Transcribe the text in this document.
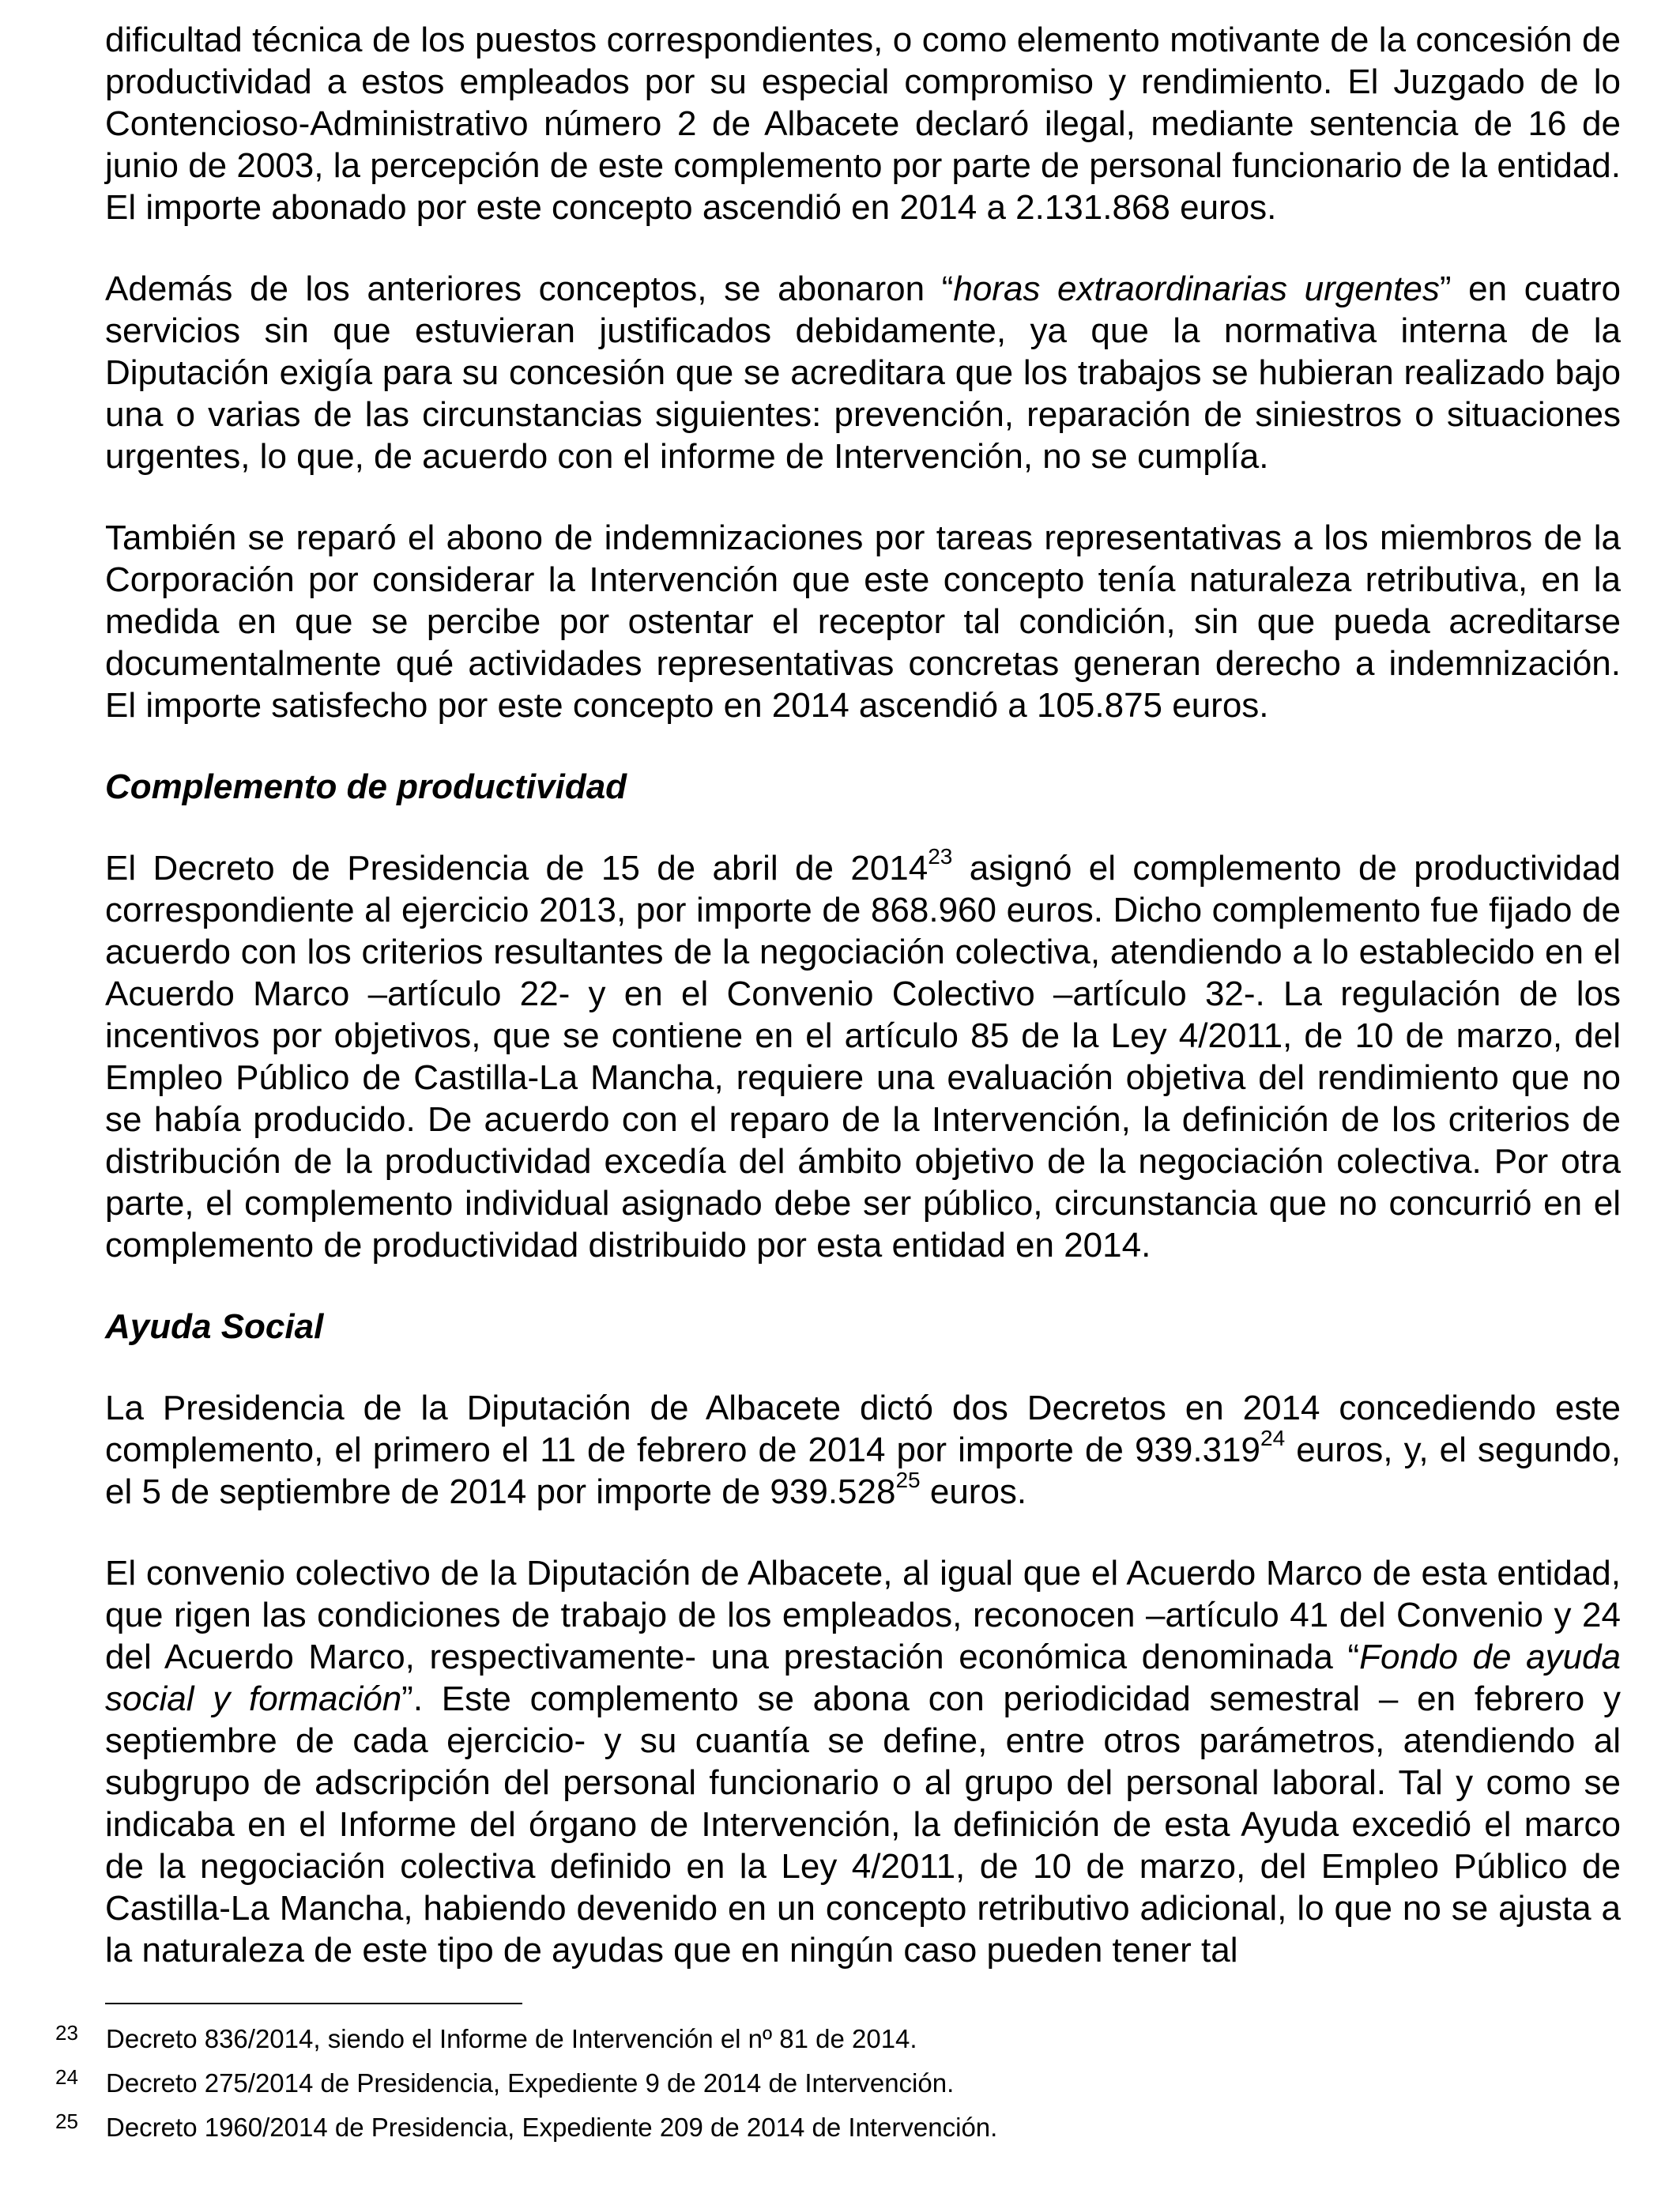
dificultad técnica de los puestos correspondientes, o como elemento motivante de la concesión de productividad a estos empleados por su especial compromiso y rendimiento. El Juzgado de lo Contencioso-Administrativo número 2 de Albacete declaró ilegal, mediante sentencia de 16 de junio de 2003, la percepción de este complemento por parte de personal funcionario de la entidad. El importe abonado por este concepto ascendió en 2014 a 2.131.868 euros.

Además de los anteriores conceptos, se abonaron “horas extraordinarias urgentes” en cuatro servicios sin que estuvieran justificados debidamente, ya que la normativa interna de la Diputación exigía para su concesión que se acreditara que los trabajos se hubieran realizado bajo una o varias de las circunstancias siguientes: prevención, reparación de siniestros o situaciones urgentes, lo que, de acuerdo con el informe de Intervención, no se cumplía.

También se reparó el abono de indemnizaciones por tareas representativas a los miembros de la Corporación por considerar la Intervención que este concepto tenía naturaleza retributiva, en la medida en que se percibe por ostentar el receptor tal condición, sin que pueda acreditarse documentalmente qué actividades representativas concretas generan derecho a indemnización. El importe satisfecho por este concepto en 2014 ascendió a 105.875 euros.

Complemento de productividad

El Decreto de Presidencia de 15 de abril de 2014$^{23}$ asignó el complemento de productividad correspondiente al ejercicio 2013, por importe de 868.960 euros. Dicho complemento fue fijado de acuerdo con los criterios resultantes de la negociación colectiva, atendiendo a lo establecido en el Acuerdo Marco –artículo 22- y en el Convenio Colectivo –artículo 32-. La regulación de los incentivos por objetivos, que se contiene en el artículo 85 de la Ley 4/2011, de 10 de marzo, del Empleo Público de Castilla-La Mancha, requiere una evaluación objetiva del rendimiento que no se había producido. De acuerdo con el reparo de la Intervención, la definición de los criterios de distribución de la productividad excedía del ámbito objetivo de la negociación colectiva. Por otra parte, el complemento individual asignado debe ser público, circunstancia que no concurrió en el complemento de productividad distribuido por esta entidad en 2014.

Ayuda Social

La Presidencia de la Diputación de Albacete dictó dos Decretos en 2014 concediendo este complemento, el primero el 11 de febrero de 2014 por importe de 939.319$^{24}$ euros, y, el segundo, el 5 de septiembre de 2014 por importe de 939.528$^{25}$ euros.

El convenio colectivo de la Diputación de Albacete, al igual que el Acuerdo Marco de esta entidad, que rigen las condiciones de trabajo de los empleados, reconocen –artículo 41 del Convenio y 24 del Acuerdo Marco, respectivamente- una prestación económica denominada “Fondo de ayuda social y formación”. Este complemento se abona con periodicidad semestral – en febrero y septiembre de cada ejercicio- y su cuantía se define, entre otros parámetros, atendiendo al subgrupo de adscripción del personal funcionario o al grupo del personal laboral. Tal y como se indicaba en el Informe del órgano de Intervención, la definición de esta Ayuda excedió el marco de la negociación colectiva definido en la Ley 4/2011, de 10 de marzo, del Empleo Público de Castilla-La Mancha, habiendo devenido en un concepto retributivo adicional, lo que no se ajusta a la naturaleza de este tipo de ayudas que en ningún caso pueden tener tal

23 Decreto 836/2014, siendo el Informe de Intervención el nº 81 de 2014.
24 Decreto 275/2014 de Presidencia, Expediente 9 de 2014 de Intervención.
25 Decreto 1960/2014 de Presidencia, Expediente 209 de 2014 de Intervención.
